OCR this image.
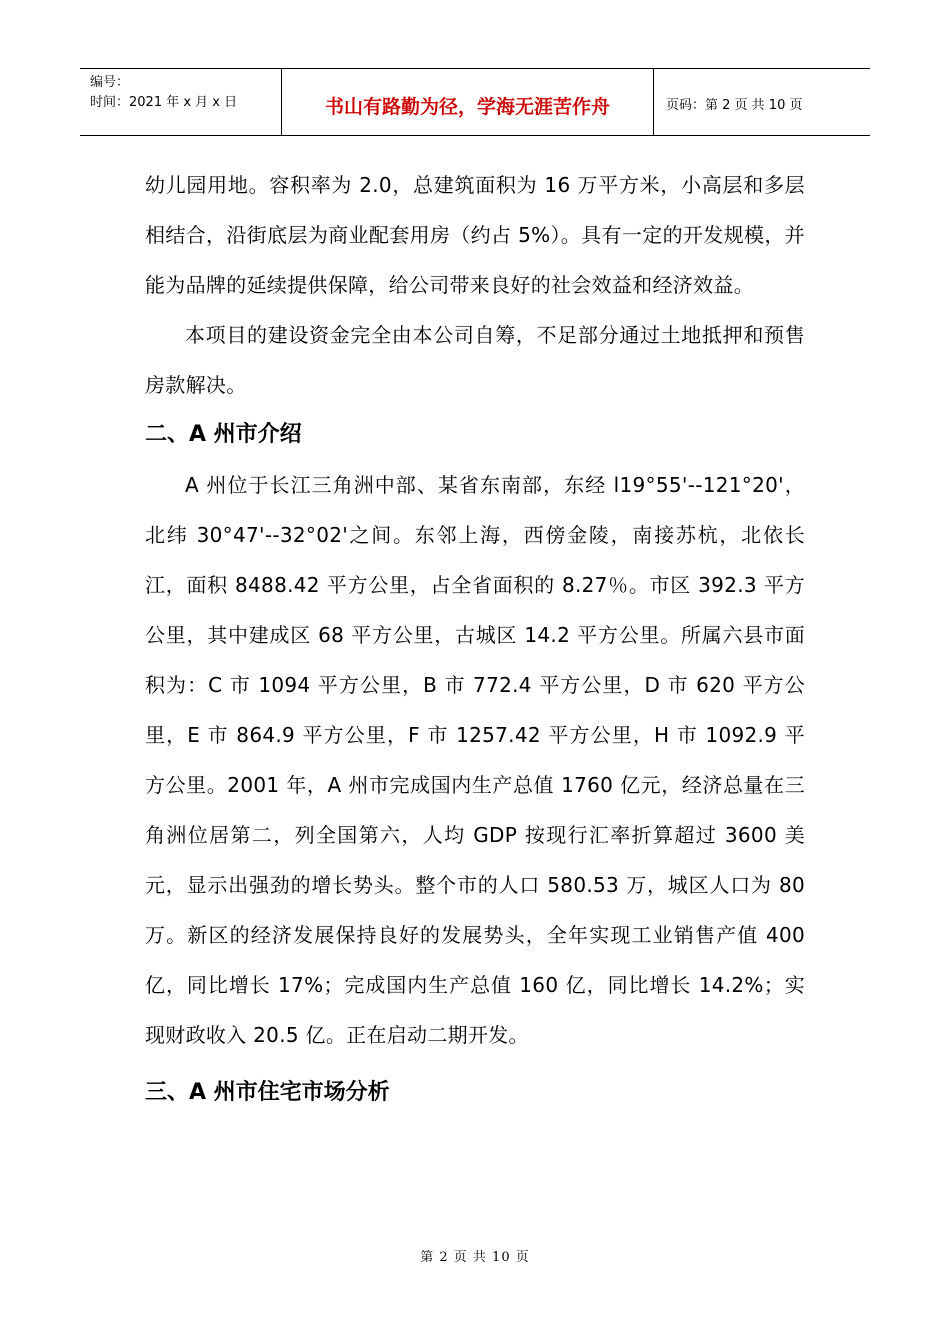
编号：
时间：2021 年 x 月 x 日	书山有路勤为径，学海无涯苦作舟	页码：第 2 页 共 10 页

幼儿园用地。容积率为 2.0，总建筑面积为 16 万平方米，小高层和多层相结合，沿街底层为商业配套用房（约占 5%）。具有一定的开发规模，并能为品牌的延续提供保障，给公司带来良好的社会效益和经济效益。

本项目的建设资金完全由本公司自筹，不足部分通过土地抵押和预售房款解决。

二、A 州市介绍

A 州位于长江三角洲中部、某省东南部，东经 l19°55'--121°20'，北纬 30°47'--32°02'之间。东邻上海，西傍金陵，南接苏杭，北依长江，面积 8488.42 平方公里，占全省面积的 8.27％。市区 392.3 平方公里，其中建成区 68 平方公里，古城区 14.2 平方公里。所属六县市面积为：C 市 1094 平方公里，B 市 772.4 平方公里，D 市 620 平方公里，E 市 864.9 平方公里，F 市 1257.42 平方公里，H 市 1092.9 平方公里。2001 年，A 州市完成国内生产总值 1760 亿元，经济总量在三角洲位居第二，列全国第六，人均 GDP 按现行汇率折算超过 3600 美元，显示出强劲的增长势头。整个市的人口 580.53 万，城区人口为 80 万。新区的经济发展保持良好的发展势头，全年实现工业销售产值 400 亿，同比增长 17%；完成国内生产总值 160 亿，同比增长 14.2%；实现财政收入 20.5 亿。正在启动二期开发。

三、A 州市住宅市场分析
第 2 页 共 10 页
